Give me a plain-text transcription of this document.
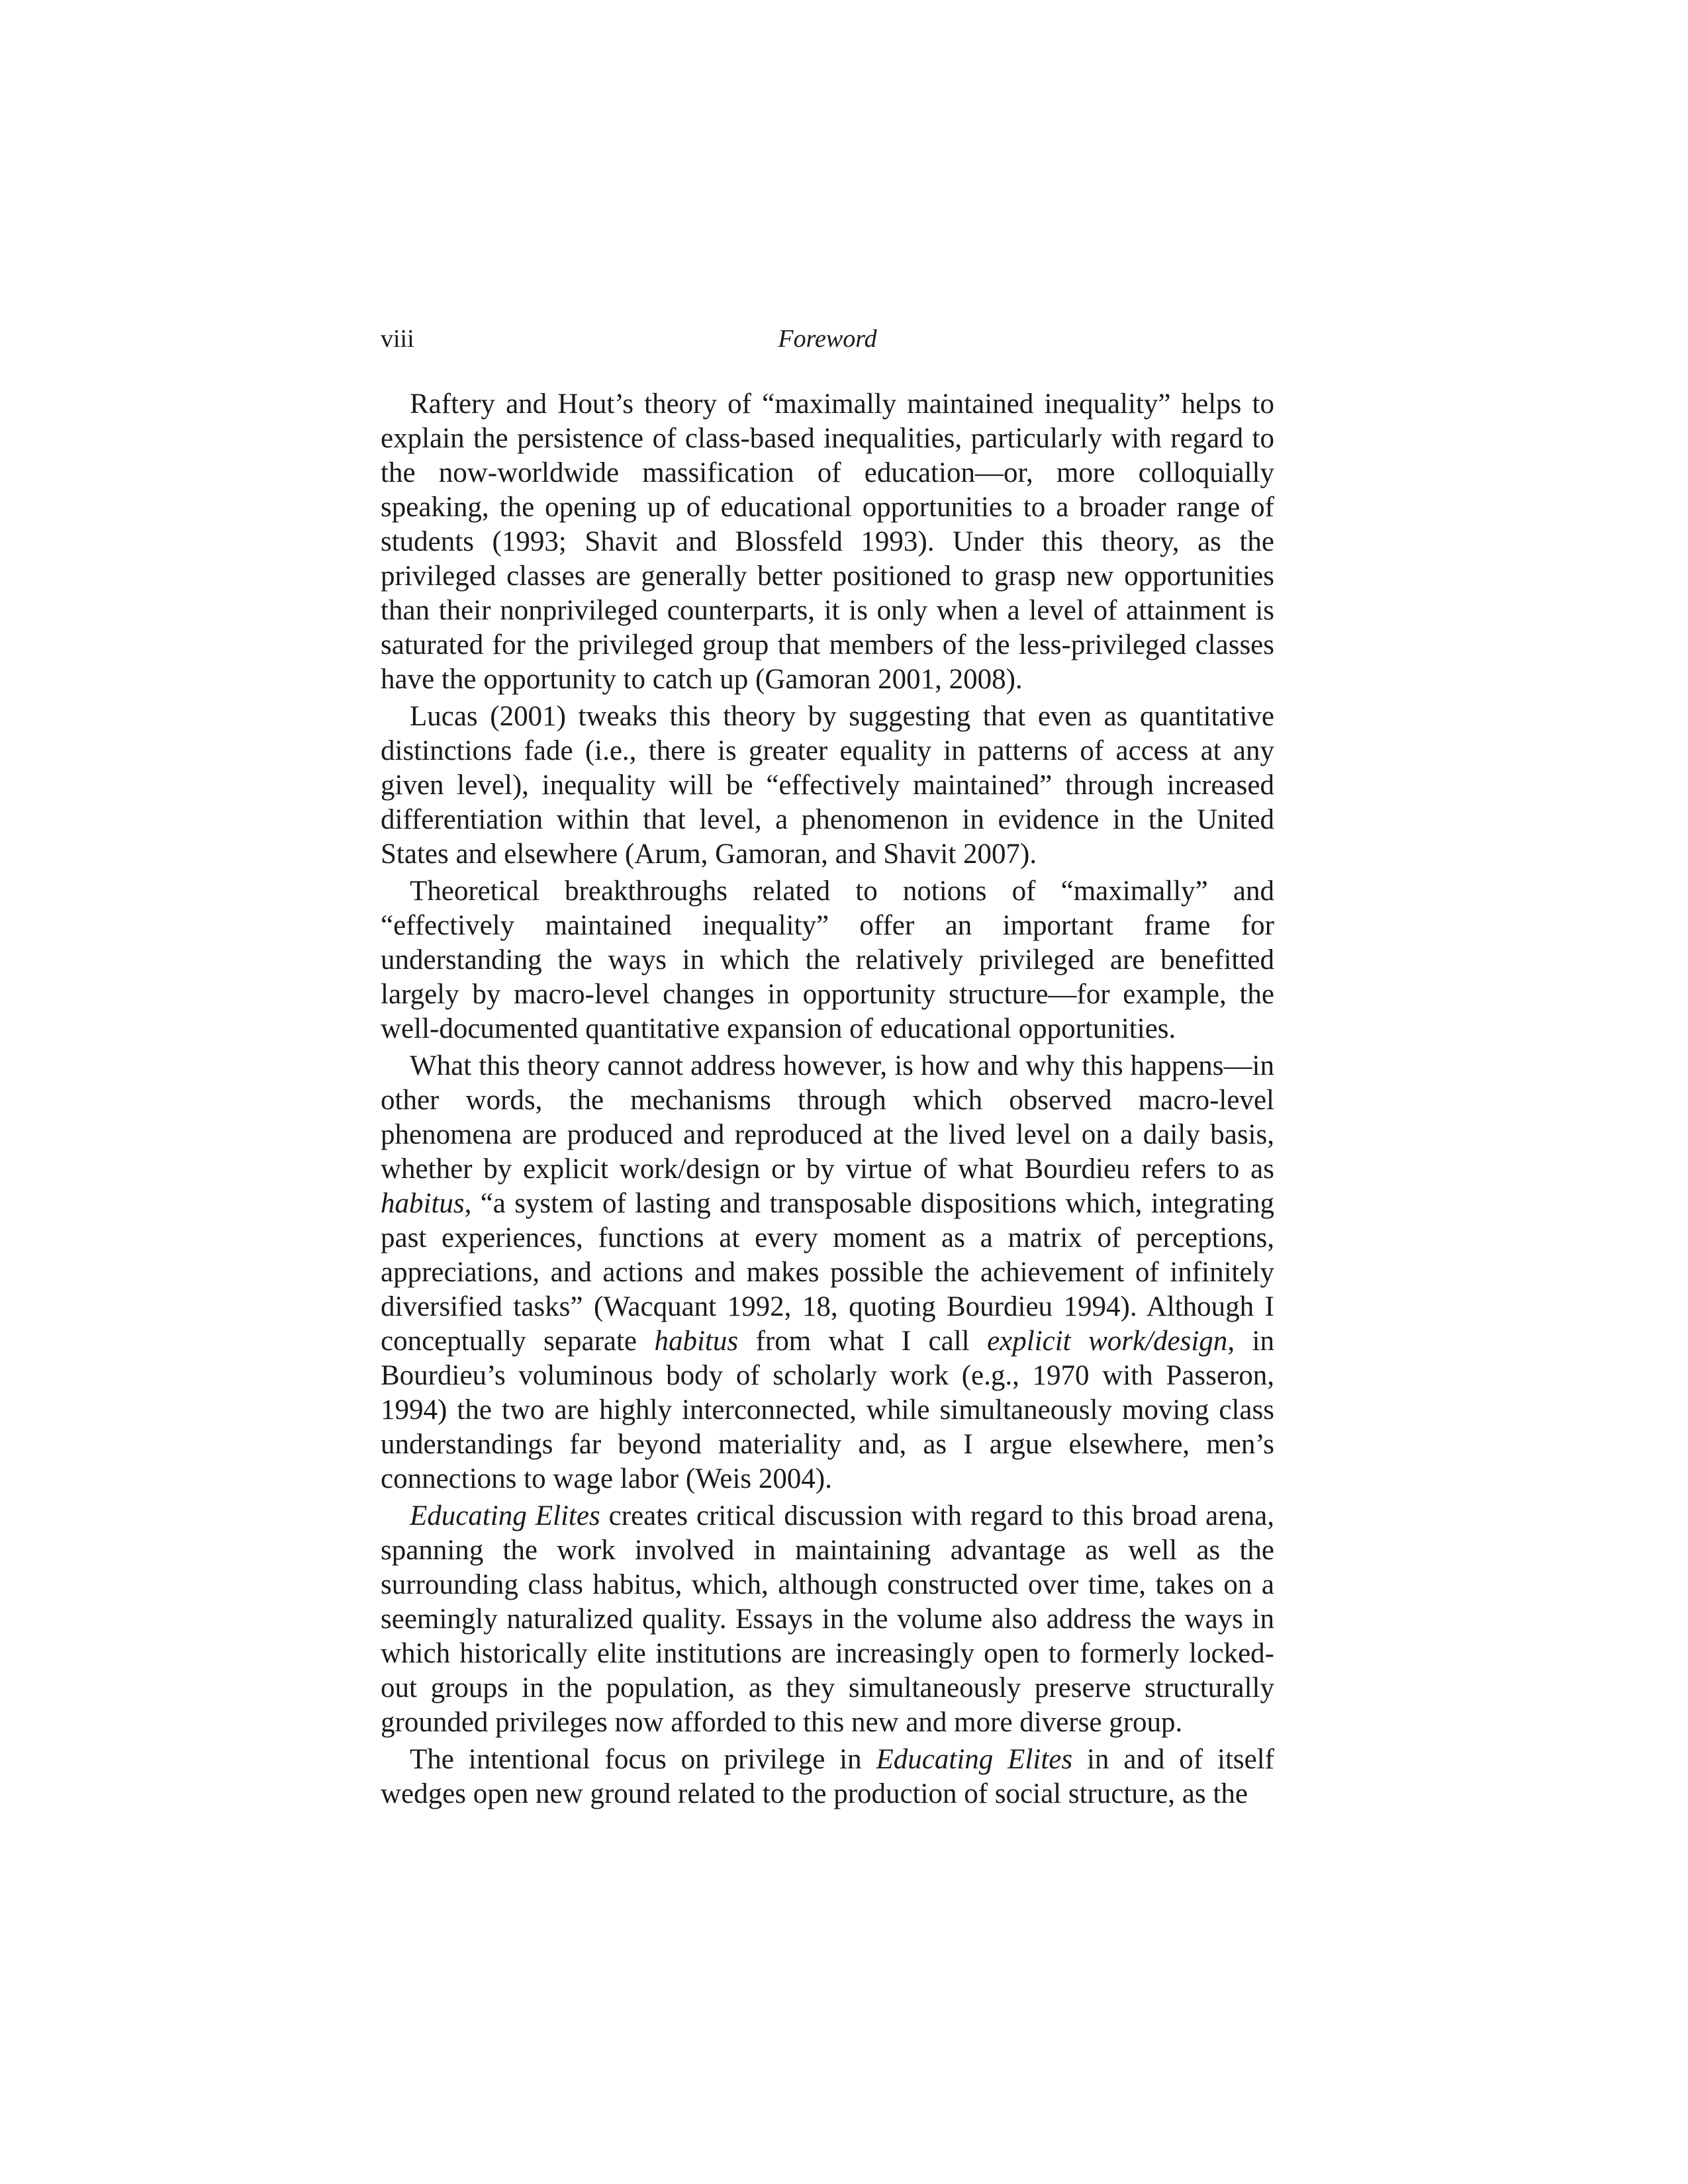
viii	Foreword

Raftery and Hout’s theory of “maximally maintained inequality” helps to explain the persistence of class-based inequalities, particularly with regard to the now-worldwide massification of education—or, more colloquially speaking, the opening up of educational opportunities to a broader range of students (1993; Shavit and Blossfeld 1993). Under this theory, as the privileged classes are generally better positioned to grasp new opportunities than their nonprivileged counterparts, it is only when a level of attainment is saturated for the privileged group that members of the less-privileged classes have the opportunity to catch up (Gamoran 2001, 2008).

Lucas (2001) tweaks this theory by suggesting that even as quantitative distinctions fade (i.e., there is greater equality in patterns of access at any given level), inequality will be “effectively maintained” through increased differentiation within that level, a phenomenon in evidence in the United States and elsewhere (Arum, Gamoran, and Shavit 2007).

Theoretical breakthroughs related to notions of “maximally” and “effectively maintained inequality” offer an important frame for understanding the ways in which the relatively privileged are benefitted largely by macro-level changes in opportunity structure—for example, the well-documented quantitative expansion of educational opportunities.

What this theory cannot address however, is how and why this happens—in other words, the mechanisms through which observed macro-level phenomena are produced and reproduced at the lived level on a daily basis, whether by explicit work/design or by virtue of what Bourdieu refers to as habitus, “a system of lasting and transposable dispositions which, integrating past experiences, functions at every moment as a matrix of perceptions, appreciations, and actions and makes possible the achievement of infinitely diversified tasks” (Wacquant 1992, 18, quoting Bourdieu 1994). Although I conceptually separate habitus from what I call explicit work/design, in Bourdieu’s voluminous body of scholarly work (e.g., 1970 with Passeron, 1994) the two are highly interconnected, while simultaneously moving class understandings far beyond materiality and, as I argue elsewhere, men’s connections to wage labor (Weis 2004).

Educating Elites creates critical discussion with regard to this broad arena, spanning the work involved in maintaining advantage as well as the surrounding class habitus, which, although constructed over time, takes on a seemingly naturalized quality. Essays in the volume also address the ways in which historically elite institutions are increasingly open to formerly locked-out groups in the population, as they simultaneously preserve structurally grounded privileges now afforded to this new and more diverse group.

The intentional focus on privilege in Educating Elites in and of itself wedges open new ground related to the production of social structure, as the
